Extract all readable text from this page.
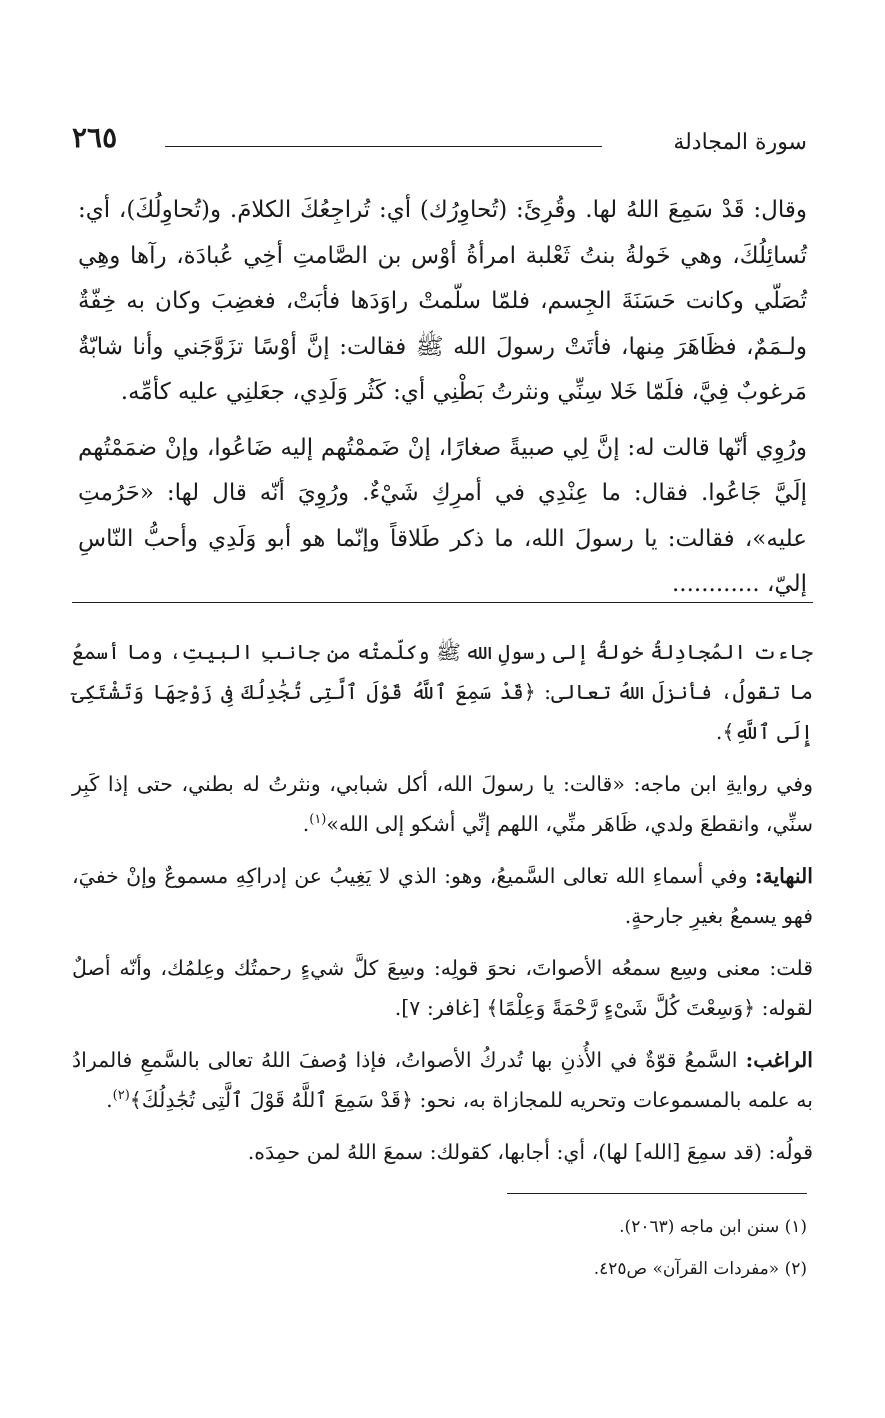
سورة المجادلة
٢٦٥

وقال: قَدْ سَمِعَ اللهُ لها. وقُرِئَ: (تُحاوِرُك) أي: تُراجِعُكَ الكلامَ. و(تُحاوِلُكَ)، أي: تُسائِلُكَ، وهي خَولةُ بنتُ ثَعْلبة امرأةُ أوْس بن الصَّامتِ أخِي عُبادَة، رآها وهِي تُصَلّي وكانت حَسَنَةَ الجِسم، فلمّا سلّمتْ راوَدَها فأبَتْ، فغضِبَ وكان به خِفّةٌ ولـمَمٌ، فظَاهَرَ مِنها، فأتَتْ رسولَ الله ﷺ فقالت: إنَّ أوْسًا تزَوَّجَني وأنا شابّةٌ مَرغوبٌ فِيَّ، فلَمّا خَلا سِنِّي ونثرتُ بَطْنِي أي: كَثُر وَلَدِي، جعَلنِي عليه كأمِّه.

ورُوِي أنّها قالت له: إنَّ لِي صبيةً صغارًا، إنْ ضَممْتُهم إليه ضَاعُوا، وإنْ ضمَمْتُهم إلَيَّ جَاعُوا. فقال: ما عِنْدِي في أمرِكِ شَيْءٌ. ورُوِيَ أنّه قال لها: «حَرُمتِ عليه»، فقالت: يا رسولَ الله، ما ذكر طَلاقاً وإنّما هو أبو وَلَدِي وأحبُّ النّاسِ إليّ، ............

جاءت المُجادِلةُ خولةُ إلى رسولِ الله ﷺ وكلّمتْه من جانبِ البيتِ، وما أسمعُ ما تقولُ، فأنزلَ اللهُ تعالى: ﴿قَدْ سَمِعَ ٱللَّهُ قَوْلَ ٱلَّتِى تُجَٰدِلُكَ فِى زَوْجِهَا وَتَشْتَكِىٓ إِلَى ٱللَّهِ﴾.

وفي روايةِ ابن ماجه: «قالت: يا رسولَ الله، أكل شبابي، ونثرتُ له بطني، حتى إذا كَبِر سنِّي، وانقطعَ ولدي، ظَاهَر منِّي، اللهم إنِّي أشكو إلى الله»$^{(١)}$.

النهاية: وفي أسماءِ الله تعالى السَّميعُ، وهو: الذي لا يَغِيبُ عن إدراكِهِ مسموعٌ وإنْ خفيَ، فهو يسمعُ بغيرِ جارحةٍ.

قلت: معنى وسِع سمعُه الأصواتَ، نحوَ قولِه: وسِعَ كلَّ شيءٍ رحمتُك وعِلمُك، وأنّه أصلٌ لقوله: ﴿وَسِعْتَ كُلَّ شَىْءٍ رَّحْمَةً وَعِلْمًا﴾ [غافر: ٧].

الراغب: السَّمعُ قوّةٌ في الأُذنِ بها تُدركُ الأصواتُ، فإذا وُصفَ اللهُ تعالى بالسَّمعِ فالمرادُ به علمه بالمسموعات وتحريه للمجازاة به، نحو: ﴿قَدْ سَمِعَ ٱللَّهُ قَوْلَ ٱلَّتِى تُجَٰدِلُكَ﴾$^{(٢)}$.

قولُه: (قد سمِعَ [الله] لها)، أي: أجابها، كقولك: سمعَ اللهُ لمن حمِدَه.

(١) سنن ابن ماجه (٢٠٦٣).

(٢) «مفردات القرآن» ص٤٢٥.
